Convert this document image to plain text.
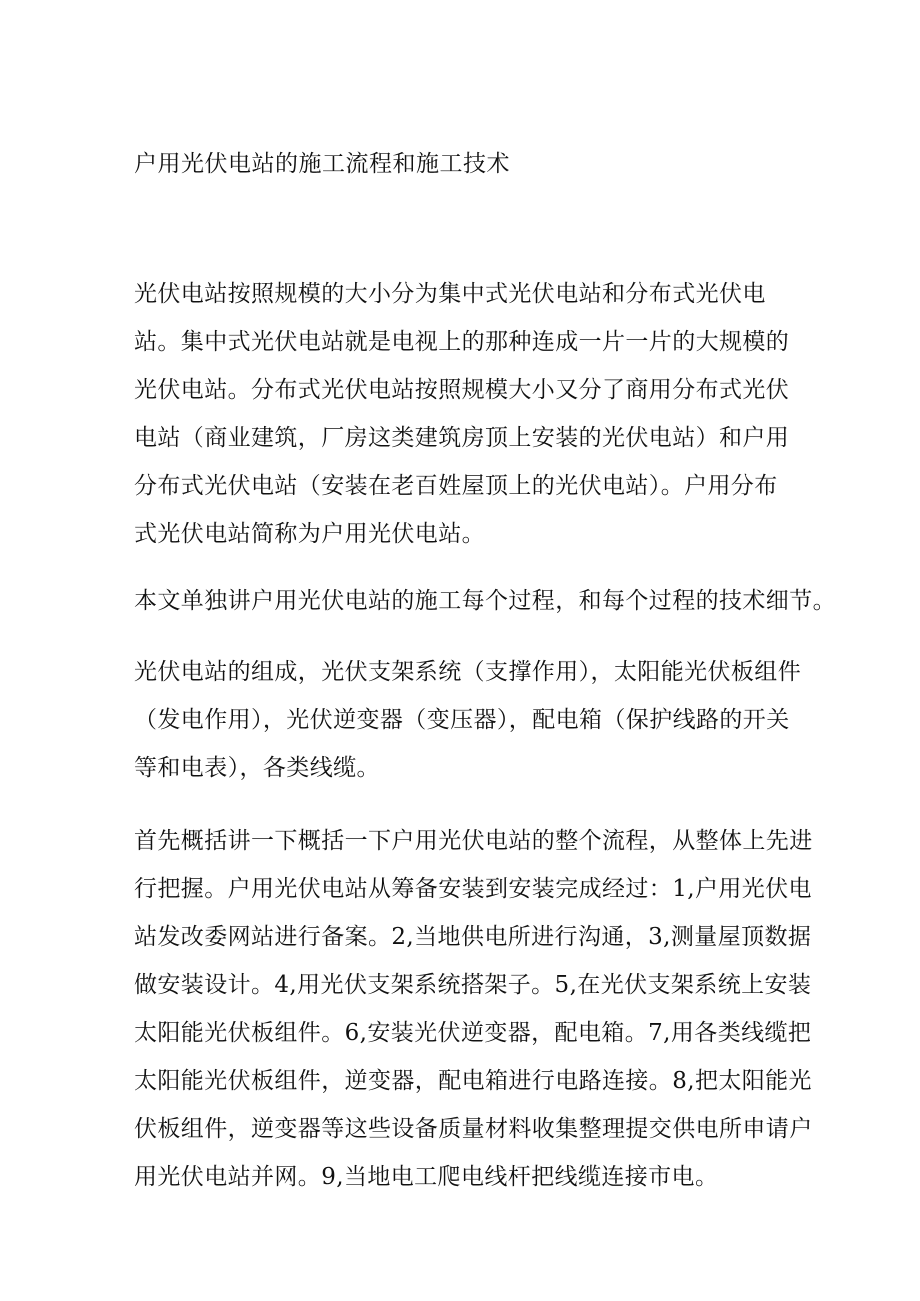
户用光伏电站的施工流程和施工技术

光伏电站按照规模的大小分为集中式光伏电站和分布式光伏电
站。集中式光伏电站就是电视上的那种连成一片一片的大规模的
光伏电站。分布式光伏电站按照规模大小又分了商用分布式光伏
电站（商业建筑，厂房这类建筑房顶上安装的光伏电站）和户用
分布式光伏电站（安装在老百姓屋顶上的光伏电站）。户用分布
式光伏电站简称为户用光伏电站。

本文单独讲户用光伏电站的施工每个过程，和每个过程的技术细节。

光伏电站的组成，光伏支架系统（支撑作用），太阳能光伏板组件
（发电作用），光伏逆变器（变压器），配电箱（保护线路的开关
等和电表），各类线缆。

首先概括讲一下概括一下户用光伏电站的整个流程，从整体上先进
行把握。户用光伏电站从筹备安装到安装完成经过：1,户用光伏电
站发改委网站进行备案。2,当地供电所进行沟通，3,测量屋顶数据
做安装设计。4,用光伏支架系统搭架子。5,在光伏支架系统上安装
太阳能光伏板组件。6,安装光伏逆变器，配电箱。7,用各类线缆把
太阳能光伏板组件，逆变器，配电箱进行电路连接。8,把太阳能光
伏板组件，逆变器等这些设备质量材料收集整理提交供电所申请户
用光伏电站并网。9,当地电工爬电线杆把线缆连接市电。
